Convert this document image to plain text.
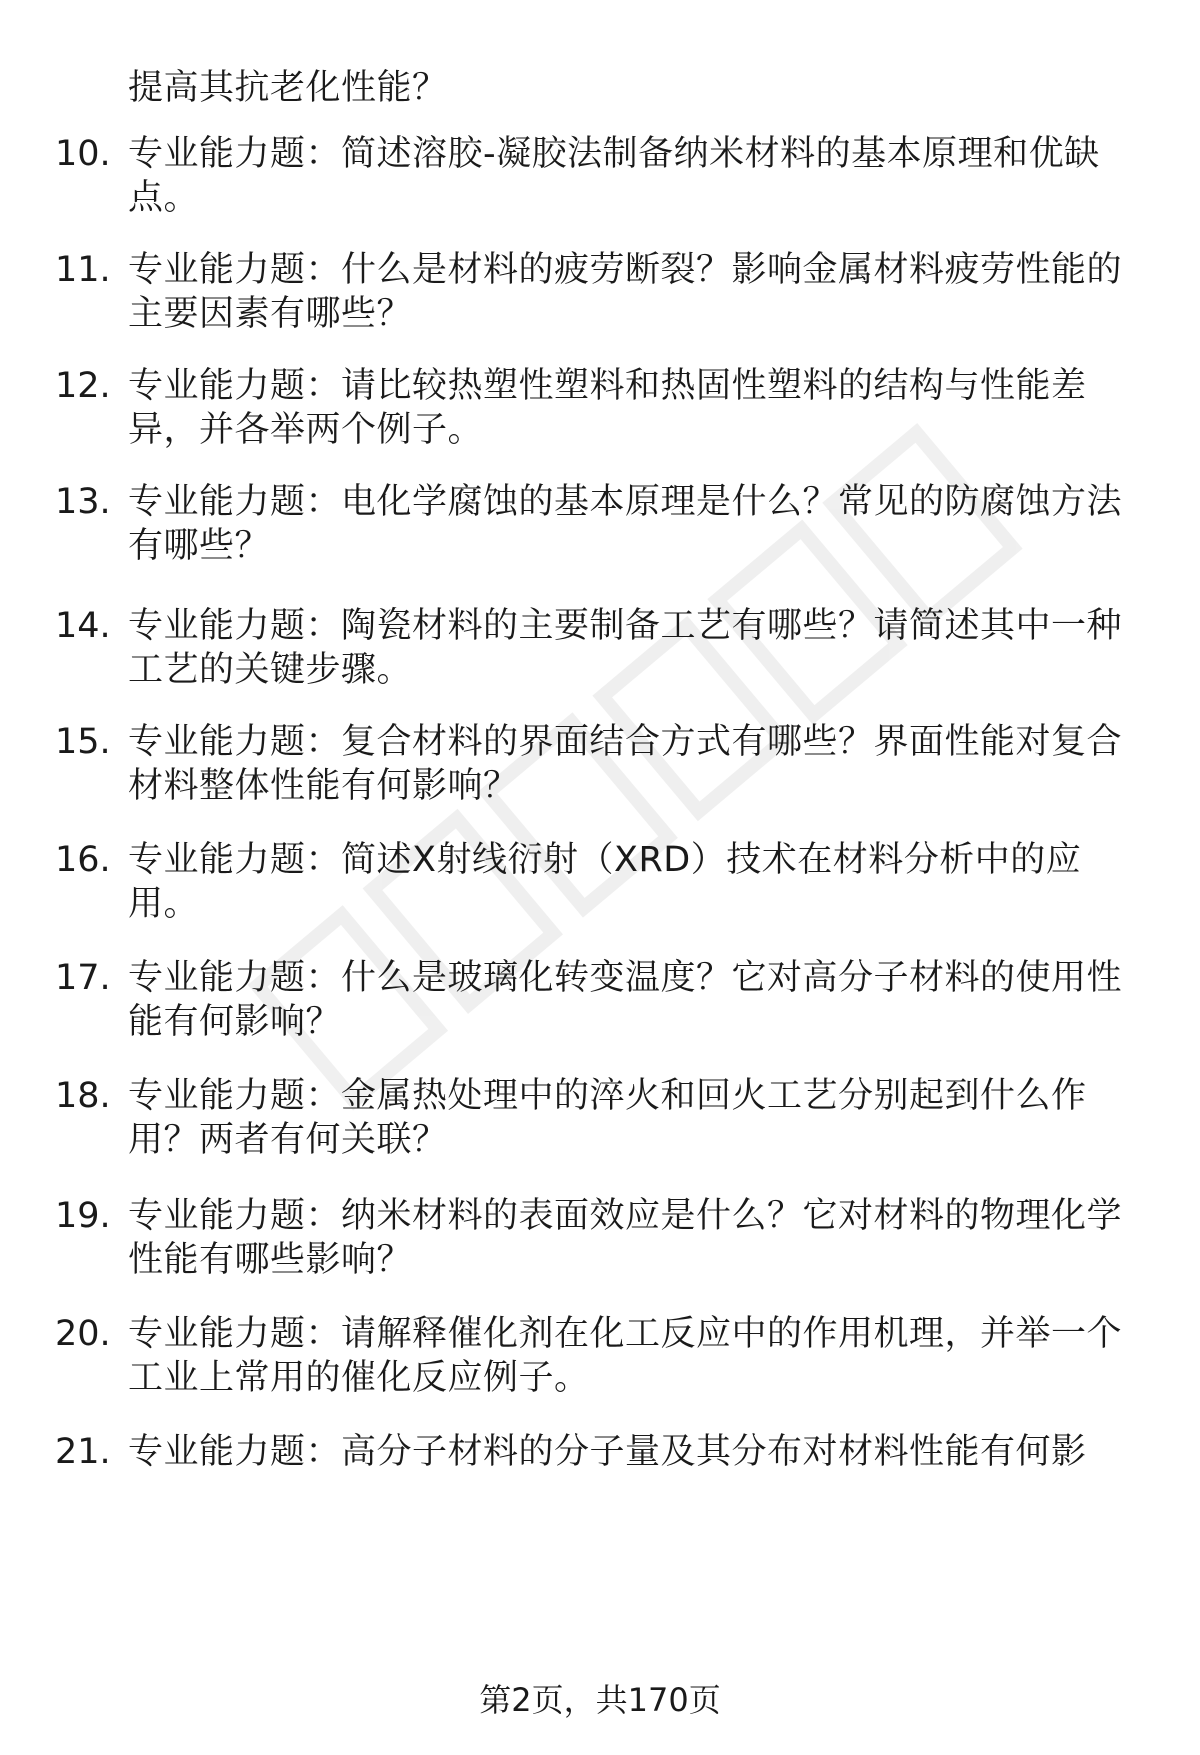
提高其抗老化性能？
10. 专业能力题：简述溶胶-凝胶法制备纳米材料的基本原理和优缺
点。
11. 专业能力题：什么是材料的疲劳断裂？影响金属材料疲劳性能的
主要因素有哪些？
12. 专业能力题：请比较热塑性塑料和热固性塑料的结构与性能差
异，并各举两个例子。
13. 专业能力题：电化学腐蚀的基本原理是什么？常见的防腐蚀方法
有哪些？
14. 专业能力题：陶瓷材料的主要制备工艺有哪些？请简述其中一种
工艺的关键步骤。
15. 专业能力题：复合材料的界面结合方式有哪些？界面性能对复合
材料整体性能有何影响？
16. 专业能力题：简述X射线衍射（XRD）技术在材料分析中的应
用。
17. 专业能力题：什么是玻璃化转变温度？它对高分子材料的使用性
能有何影响？
18. 专业能力题：金属热处理中的淬火和回火工艺分别起到什么作
用？两者有何关联？
19. 专业能力题：纳米材料的表面效应是什么？它对材料的物理化学
性能有哪些影响？
20. 专业能力题：请解释催化剂在化工反应中的作用机理，并举一个
工业上常用的催化反应例子。
21. 专业能力题：高分子材料的分子量及其分布对材料性能有何影
第2页，共170页
